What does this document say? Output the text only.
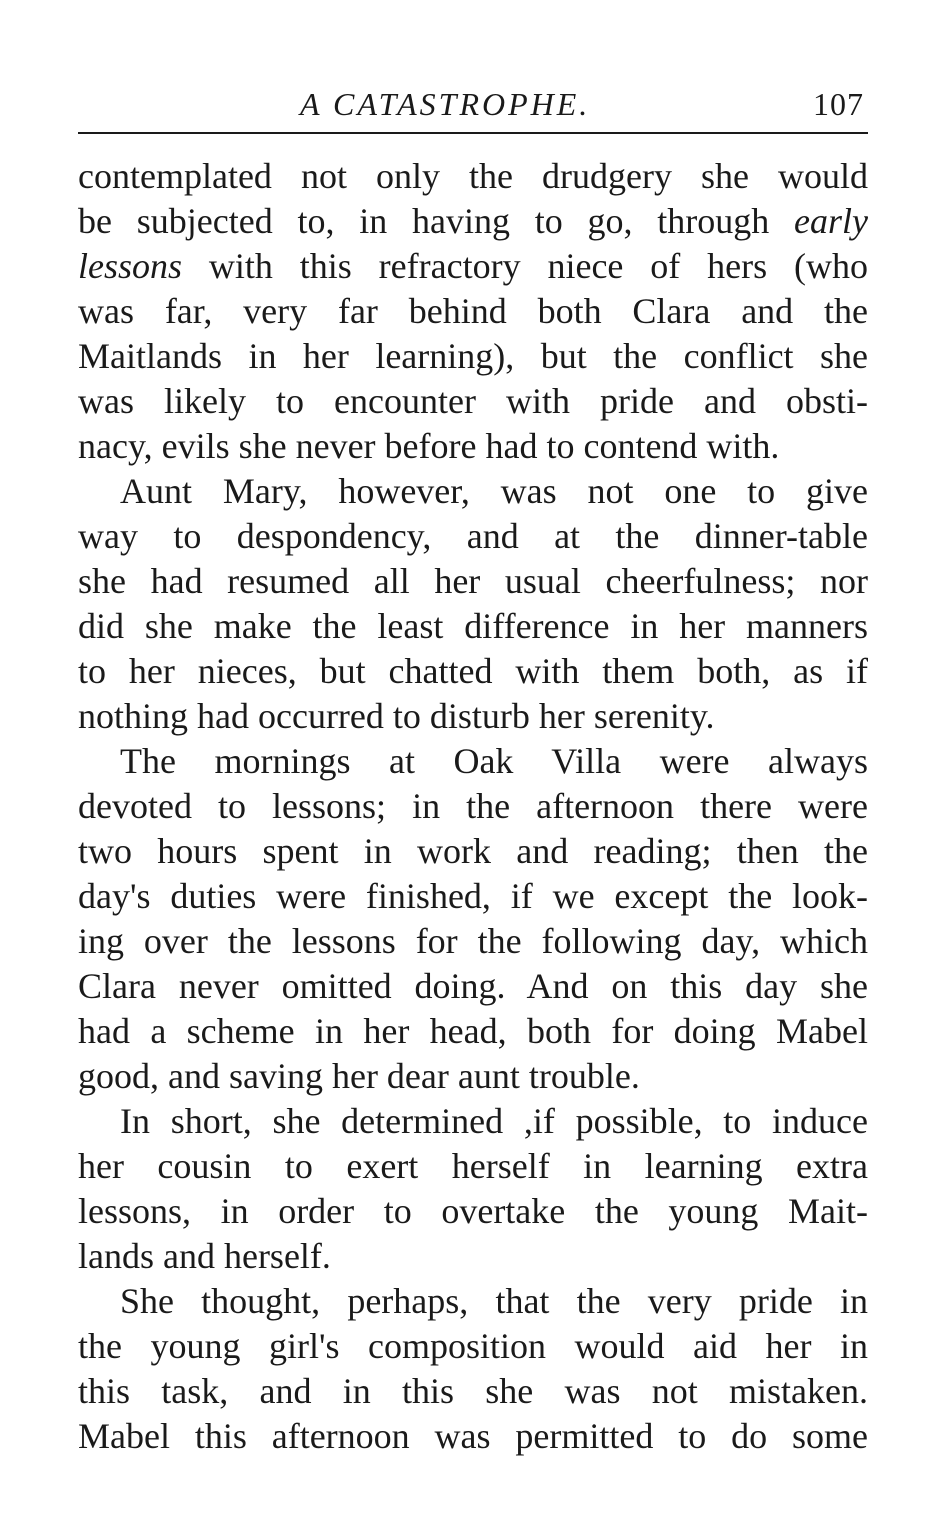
A CATASTROPHE.	107
contemplated not only the drudgery she would
be subjected to, in having to go, through early
lessons with this refractory niece of hers (who
was far, very far behind both Clara and the
Maitlands in her learning), but the conflict she
was likely to encounter with pride and obsti-
nacy, evils she never before had to contend with.
Aunt Mary, however, was not one to give
way to despondency, and at the dinner-table
she had resumed all her usual cheerfulness; nor
did she make the least difference in her manners
to her nieces, but chatted with them both, as if
nothing had occurred to disturb her serenity.
The mornings at Oak Villa were always
devoted to lessons; in the afternoon there were
two hours spent in work and reading; then the
day's duties were finished, if we except the look-
ing over the lessons for the following day, which
Clara never omitted doing. And on this day she
had a scheme in her head, both for doing Mabel
good, and saving her dear aunt trouble.
In short, she determined ,if possible, to induce
her cousin to exert herself in learning extra
lessons, in order to overtake the young Mait-
lands and herself.
She thought, perhaps, that the very pride in
the young girl's composition would aid her in
this task, and in this she was not mistaken.
Mabel this afternoon was permitted to do some
